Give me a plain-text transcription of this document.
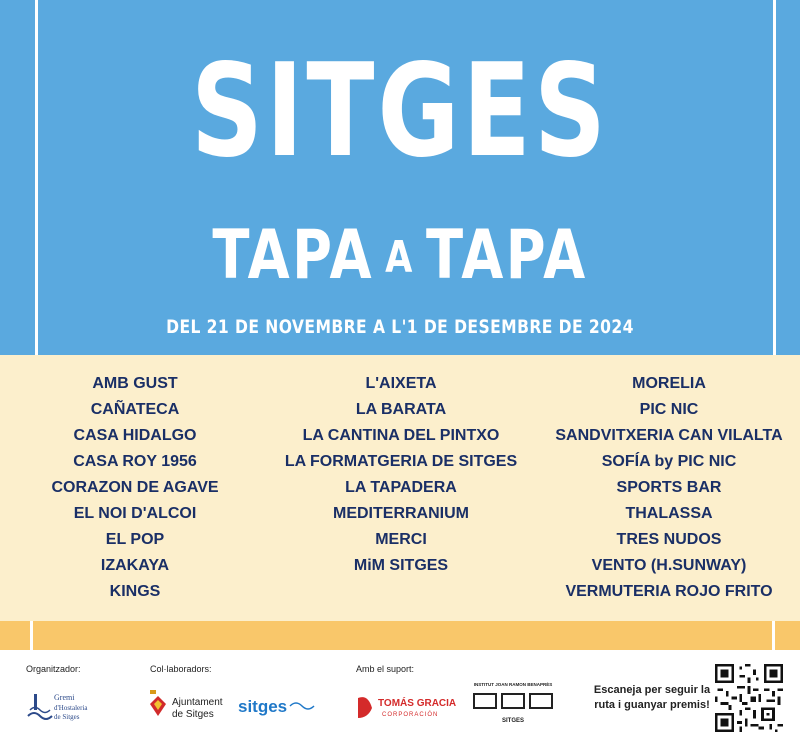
SITGES
TAPA A TAPA
DEL 21 DE NOVEMBRE A L'1 DE DESEMBRE DE 2024
AMB GUST
CAÑATECA
CASA HIDALGO
CASA ROY 1956
CORAZON DE AGAVE
EL NOI D'ALCOI
EL POP
IZAKAYA
KINGS
L'AIXETA
LA BARATA
LA CANTINA DEL PINTXO
LA FORMATGERIA DE SITGES
LA TAPADERA
MEDITERRANIUM
MERCI
MiM SITGES
MORELIA
PIC NIC
SANDVITXERIA CAN VILALTA
SOFÍA by PIC NIC
SPORTS BAR
THALASSA
TRES NUDOS
VENTO (H.SUNWAY)
VERMUTERIA ROJO FRITO
Organitzador:	Col·laboradors:	Amb el suport:
Gremi
d'Hostaleria
de Sitges
Ajuntament
de Sitges sitges	TOMÁS GRACIA
CORPORACIÓN
INSTITUT JOAN RAMON BENAPRÈS
SITGES
Escaneja per seguir la ruta i guanyar premis!
